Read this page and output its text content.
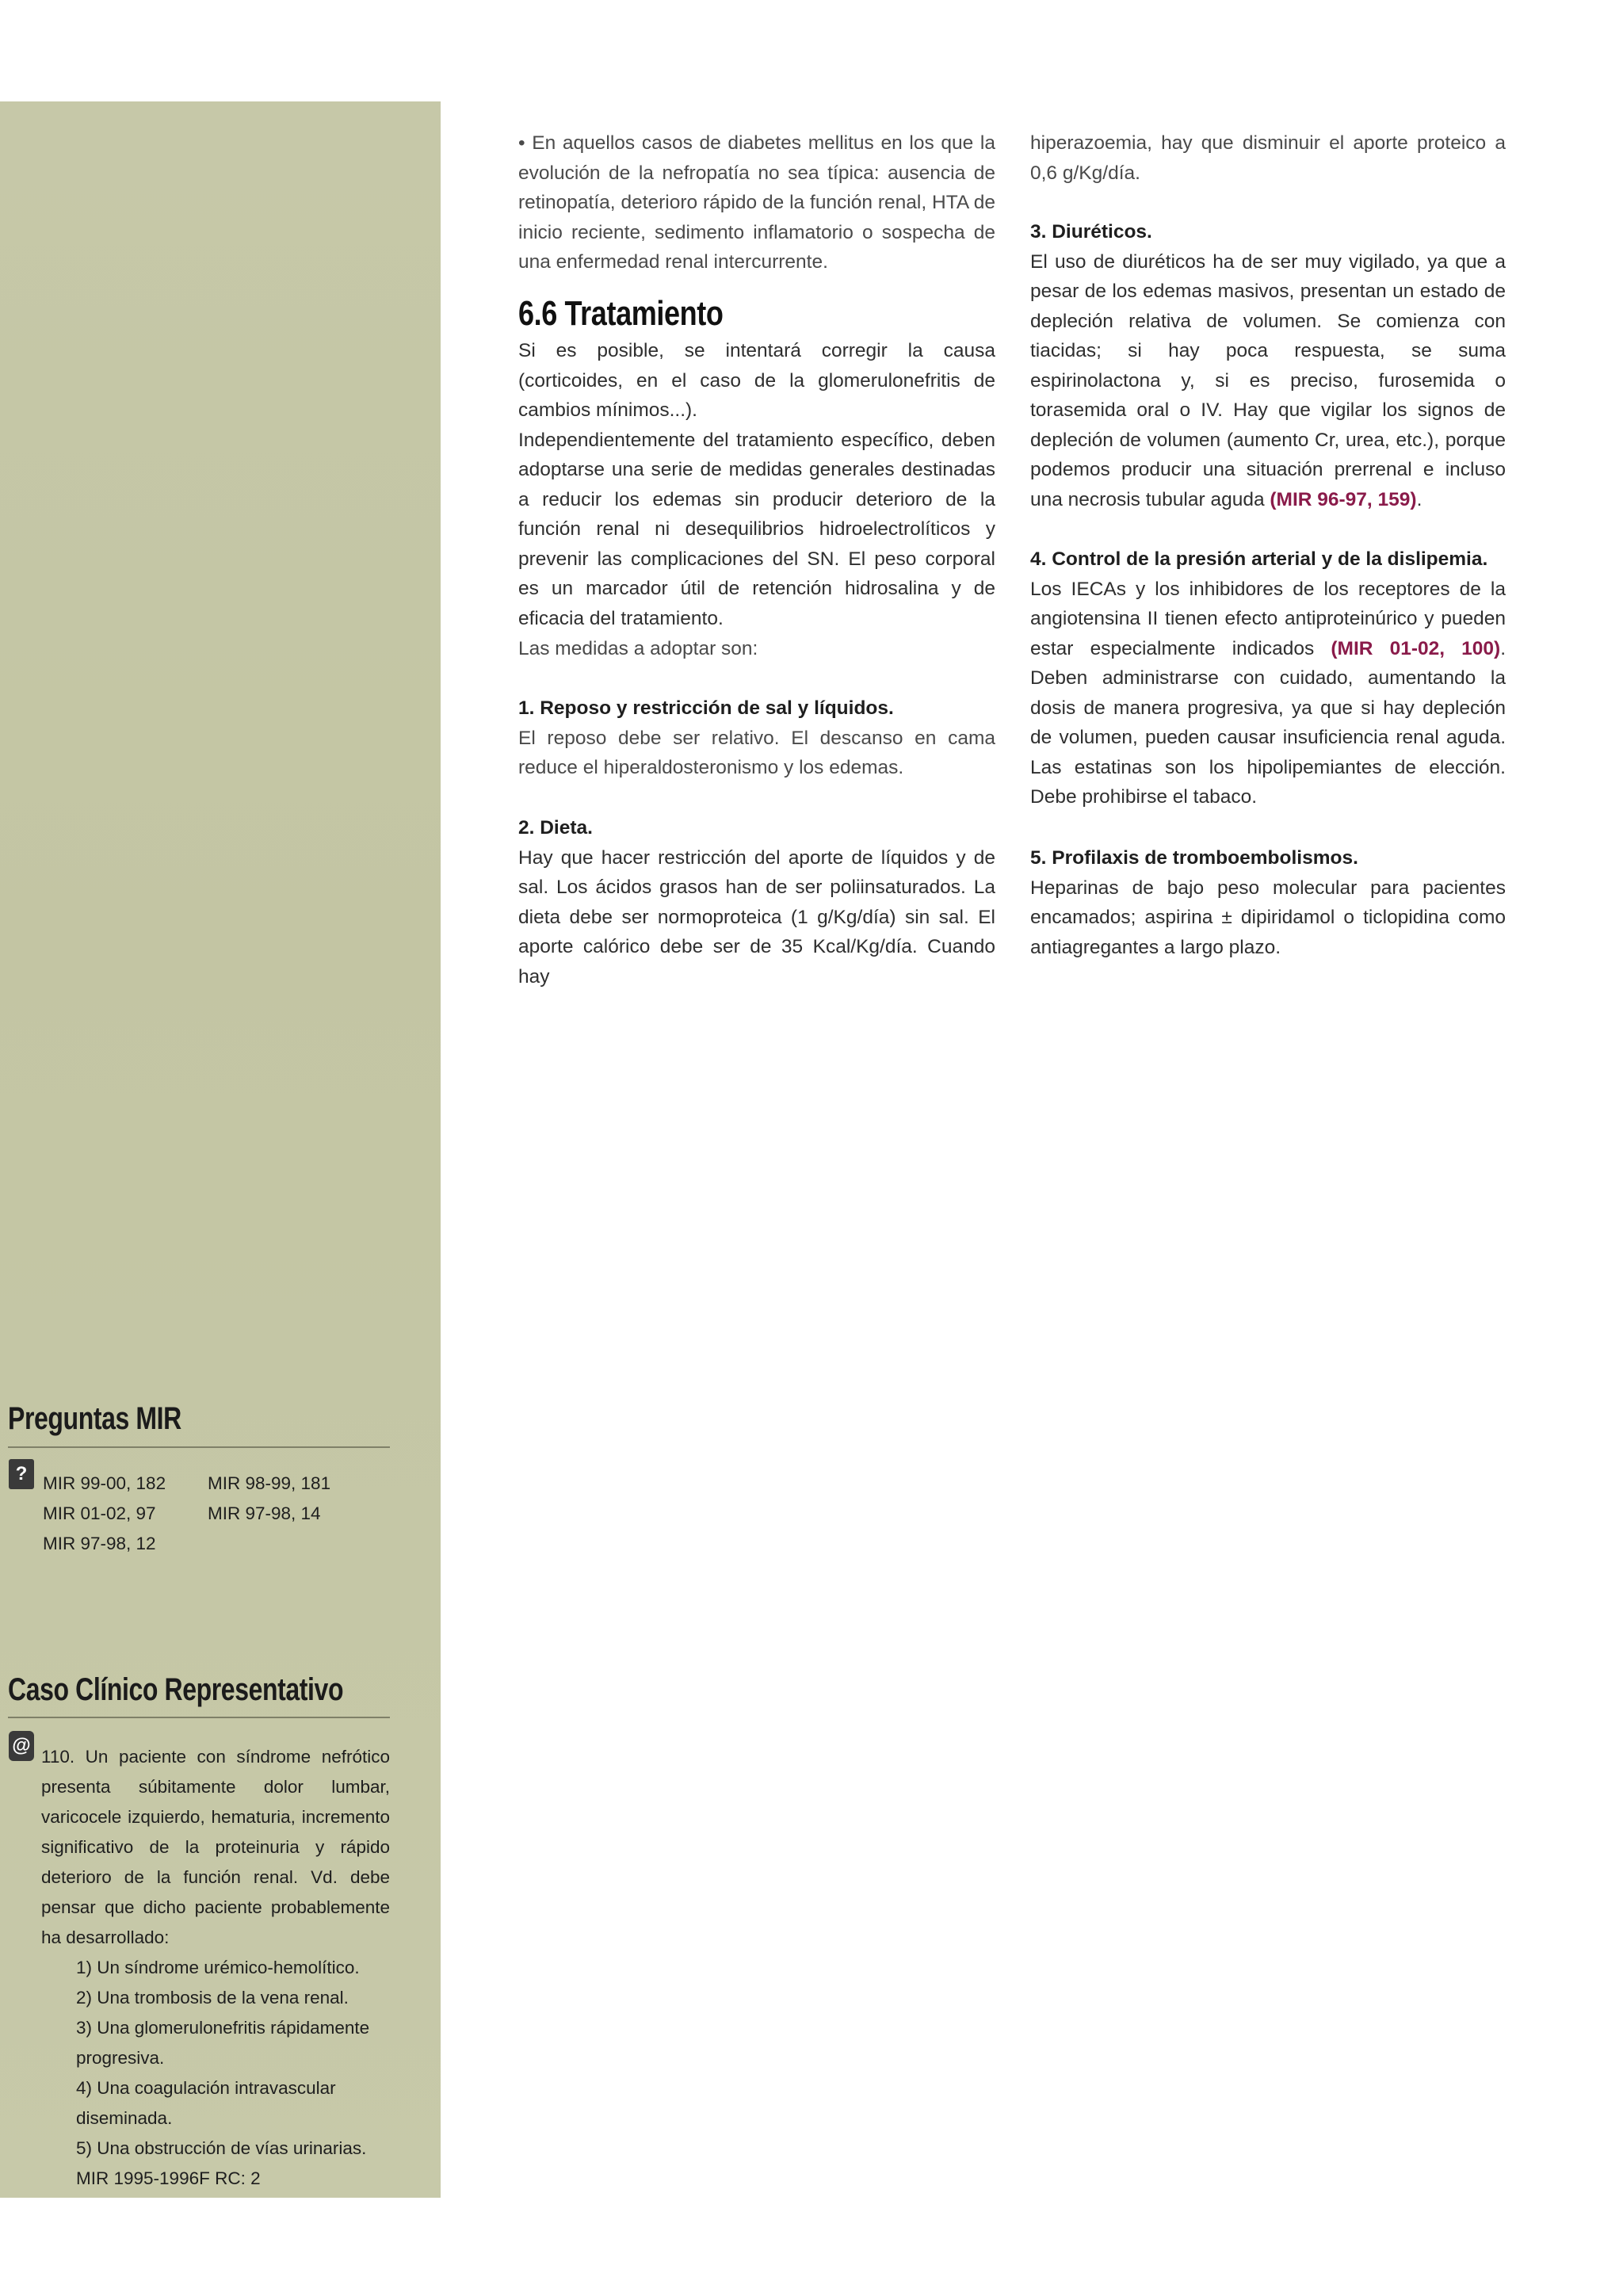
• En aquellos casos de diabetes mellitus en los que la evolución de la nefropatía no sea típica: ausencia de retinopatía, deterioro rápido de la función renal, HTA de inicio reciente, sedimento inflamatorio o sospecha de una enfermedad renal intercurrente.

6.6 Tratamiento

Si es posible, se intentará corregir la causa (corticoides, en el caso de la glomerulonefritis de cambios mínimos...).

Independientemente del tratamiento específico, deben adoptarse una serie de medidas generales destinadas a reducir los edemas sin producir deterioro de la función renal ni desequilibrios hidroelectrolíticos y prevenir las complicaciones del SN. El peso corporal es un marcador útil de retención hidrosalina y de eficacia del tratamiento.

Las medidas a adoptar son:

1. Reposo y restricción de sal y líquidos.

El reposo debe ser relativo. El descanso en cama reduce el hiperaldosteronismo y los edemas.

2. Dieta.

Hay que hacer restricción del aporte de líquidos y de sal. Los ácidos grasos han de ser poliinsaturados. La dieta debe ser normoproteica (1 g/Kg/día) sin sal. El aporte calórico debe ser de 35 Kcal/Kg/día. Cuando hay

hiperazoemia, hay que disminuir el aporte proteico a 0,6 g/Kg/día.

3. Diuréticos.

El uso de diuréticos ha de ser muy vigilado, ya que a pesar de los edemas masivos, presentan un estado de depleción relativa de volumen. Se comienza con tiacidas; si hay poca respuesta, se suma espirinolactona y, si es preciso, furosemida o torasemida oral o IV. Hay que vigilar los signos de depleción de volumen (aumento Cr, urea, etc.), porque podemos producir una situación prerrenal e incluso una necrosis tubular aguda (MIR 96-97, 159).

4. Control de la presión arterial y de la dislipemia.

Los IECAs y los inhibidores de los receptores de la angiotensina II tienen efecto antiproteinúrico y pueden estar especialmente indicados (MIR 01-02, 100). Deben administrarse con cuidado, aumentando la dosis de manera progresiva, ya que si hay depleción de volumen, pueden causar insuficiencia renal aguda. Las estatinas son los hipolipemiantes de elección. Debe prohibirse el tabaco.

5. Profilaxis de tromboembolismos.

Heparinas de bajo peso molecular para pacientes encamados; aspirina ± dipiridamol o ticlopidina como antiagregantes a largo plazo.

Preguntas MIR
? MIR 99-00, 182 MIR 98-99, 181
MIR 01-02, 97	MIR 97-98, 14
MIR 97-98, 12
Caso Clínico Representativo
@

110. Un paciente con síndrome nefrótico presenta súbitamente dolor lumbar, varicocele izquierdo, hematuria, incremento significativo de la proteinuria y rápido deterioro de la función renal. Vd. debe pensar que dicho paciente probablemente ha desarrollado:

1) Un síndrome urémico-hemolítico.
2) Una trombosis de la vena renal.
3) Una glomerulonefritis rápidamente progresiva.
4) Una coagulación intravascular diseminada.
5) Una obstrucción de vías urinarias.

MIR 1995-1996F RC: 2
